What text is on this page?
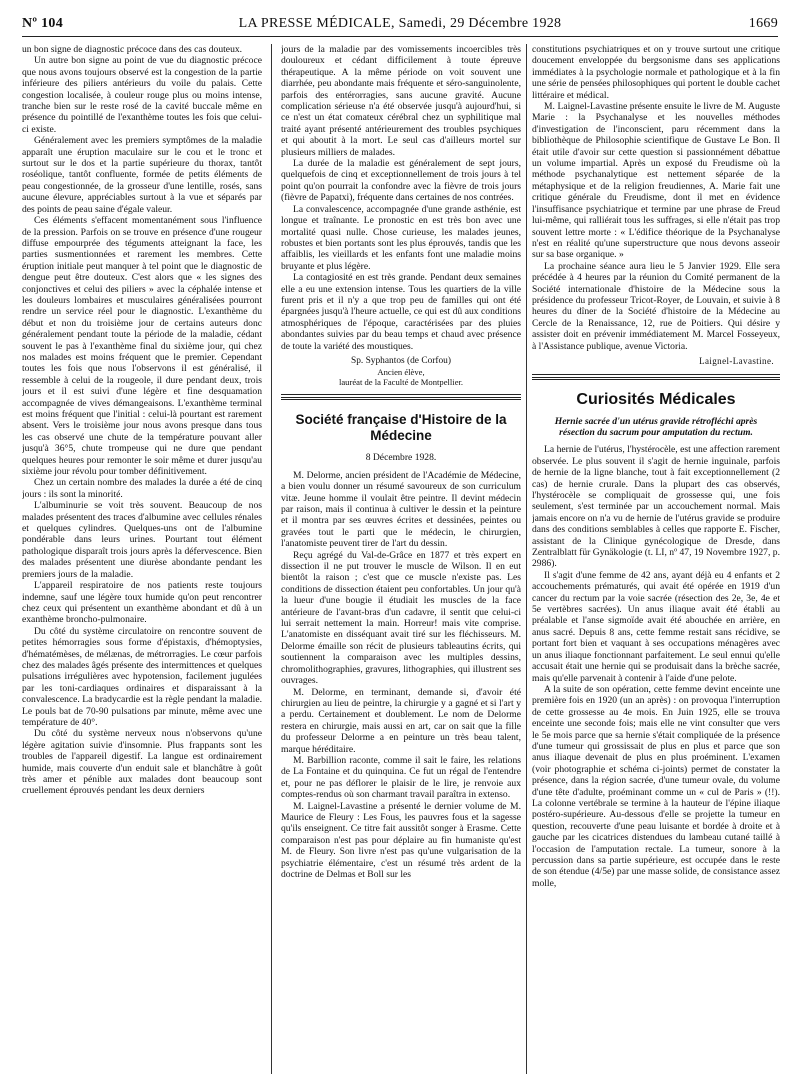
Nº 104	LA PRESSE MÉDICALE, Samedi, 29 Décembre 1928	1669

un bon signe de diagnostic précoce dans des cas douteux.

Un autre bon signe au point de vue du diagnostic précoce que nous avons toujours observé est la congestion de la partie inférieure des piliers antérieurs du voile du palais. Cette congestion localisée, à couleur rouge plus ou moins intense, tranche bien sur le reste rosé de la cavité buccale même en présence du pointillé de l'exanthème toutes les fois que celui-ci existe.

Généralement avec les premiers symptômes de la maladie apparaît une éruption maculaire sur le cou et le tronc et surtout sur le dos et la partie supérieure du thorax, tantôt roséolique, tantôt confluente, formée de petits éléments de peau congestionnée, de la grosseur d'une lentille, rosés, sans aucune élevure, appréciables surtout à la vue et séparés par des points de peau saine d'égale valeur.

Ces éléments s'effacent momentanément sous l'influence de la pression. Parfois on se trouve en présence d'une rougeur diffuse empourprée des téguments atteignant la face, les parties susmentionnées et rarement les membres. Cette éruption initiale peut manquer à tel point que le diagnostic de dengue peut être douteux. C'est alors que « les signes des conjonctives et celui des piliers » avec la céphalée intense et les douleurs lombaires et musculaires généralisées pourront rendre un service réel pour le diagnostic. L'exanthème du début et non du troisième jour de certains auteurs donc généralement pendant toute la période de la maladie, cédant souvent le pas à l'exanthème final du sixième jour, qui chez nos malades est moins fréquent que le premier. Cependant toutes les fois que nous l'observons il est généralisé, il ressemble à celui de la rougeole, il dure pendant deux, trois jours et il est suivi d'une légère et fine desquamation accompagnée de vives démangeaisons. L'exanthème terminal est moins fréquent que l'initial : celui-là pourtant est rarement absent. Vers le troisième jour nous avons presque dans tous les cas observé une chute de la température pouvant aller jusqu'à 36°5, chute trompeuse qui ne dure que pendant quelques heures pour remonter le soir même et durer jusqu'au sixième jour révolu pour tomber définitivement.

Chez un certain nombre des malades la durée a été de cinq jours : ils sont la minorité.

L'albuminurie se voit très souvent. Beaucoup de nos malades présentent des traces d'albumine avec cellules rénales et quelques cylindres. Quelques-uns ont de l'albumine pondérable dans leurs urines. Pourtant tout élément pathologique disparaît trois jours après la défervescence. Bien des malades présentent une diurèse abondante pendant les premiers jours de la maladie.

L'appareil respiratoire de nos patients reste toujours indemne, sauf une légère toux humide qu'on peut rencontrer chez ceux qui présentent un exanthème abondant et dû à un exanthème broncho-pulmonaire.

Du côté du système circulatoire on rencontre souvent de petites hémorragies sous forme d'épistaxis, d'hémoptysies, d'hématémèses, de mélænas, de métrorragies. Le cœur parfois chez des malades âgés présente des intermittences et quelques pulsations irrégulières avec hypotension, facilement jugulées par les toni-cardiaques ordinaires et disparaissant à la convalescence. La bradycardie est la règle pendant la maladie. Le pouls bat de 70-90 pulsations par minute, même avec une température de 40°.

Du côté du système nerveux nous n'observons qu'une légère agitation suivie d'insomnie. Plus frappants sont les troubles de l'appareil digestif. La langue est ordinairement humide, mais couverte d'un enduit sale et blanchâtre à goût très amer et pénible aux malades dont beaucoup sont cruellement éprouvés pendant les deux derniers

jours de la maladie par des vomissements incoercibles très douloureux et cédant difficilement à toute épreuve thérapeutique. A la même période on voit souvent une diarrhée, peu abondante mais fréquente et séro-sanguinolente, parfois des entérorragies, sans aucune gravité. Aucune complication sérieuse n'a été observée jusqu'à aujourd'hui, si ce n'est un état comateux cérébral chez un syphilitique mal traité ayant présenté antérieurement des troubles psychiques et qui aboutit à la mort. Le seul cas d'ailleurs mortel sur plusieurs milliers de malades.

La durée de la maladie est généralement de sept jours, quelquefois de cinq et exceptionnellement de trois jours à tel point qu'on pourrait la confondre avec la fièvre de trois jours (fièvre de Papatxi), fréquente dans certaines de nos contrées.

La convalescence, accompagnée d'une grande asthénie, est longue et traînante. Le pronostic en est très bon avec une mortalité quasi nulle. Chose curieuse, les malades jeunes, robustes et bien portants sont les plus éprouvés, tandis que les affaiblis, les vieillards et les enfants font une maladie moins bruyante et plus légère.

La contagiosité en est très grande. Pendant deux semaines elle a eu une extension intense. Tous les quartiers de la ville furent pris et il n'y a que trop peu de familles qui ont été épargnées jusqu'à l'heure actuelle, ce qui est dû aux conditions atmosphériques de l'époque, caractérisées par des pluies abondantes suivies par du beau temps et chaud avec présence de toute la variété des moustiques.

Sp. Syphantos (de Corfou)
Ancien élève,
lauréat de la Faculté de Montpellier.
Société française d'Histoire de la Médecine
8 Décembre 1928.

M. Delorme, ancien président de l'Académie de Médecine, a bien voulu donner un résumé savoureux de son curriculum vitæ. Jeune homme il voulait être peintre. Il devint médecin par raison, mais il continua à cultiver le dessin et la peinture et il montra par ses œuvres écrites et dessinées, peintes ou gravées tout le parti que le médecin, le chirurgien, l'anatomiste peuvent tirer de l'art du dessin.

Reçu agrégé du Val-de-Grâce en 1877 et très expert en dissection il ne put trouver le muscle de Wilson. Il en eut bientôt la raison ; c'est que ce muscle n'existe pas. Les conditions de dissection étaient peu confortables. Un jour qu'à la lueur d'une bougie il étudiait les muscles de la face antérieure de l'avant-bras d'un cadavre, il sentit que celui-ci lui serrait nettement la main. Horreur! mais vite comprise. L'anatomiste en disséquant avait tiré sur les fléchisseurs. M. Delorme émaille son récit de plusieurs tableautins écrits, qui soutiennent la comparaison avec les multiples dessins, chromolithographies, gravures, lithographies, qui illustrent ses ouvrages.

M. Delorme, en terminant, demande si, d'avoir été chirurgien au lieu de peintre, la chirurgie y a gagné et si l'art y a perdu. Certainement et doublement. Le nom de Delorme restera en chirurgie, mais aussi en art, car on sait que la fille du professeur Delorme a en peinture un très beau talent, marque héréditaire.

M. Barbillion raconte, comme il sait le faire, les relations de La Fontaine et du quinquina. Ce fut un régal de l'entendre et, pour ne pas déflorer le plaisir de le lire, je renvoie aux comptes-rendus où son charmant travail paraîtra in extenso.

M. Laignel-Lavastine a présenté le dernier volume de M. Maurice de Fleury : Les Fous, les pauvres fous et la sagesse qu'ils enseignent. Ce titre fait aussitôt songer à Erasme. Cette comparaison n'est pas pour déplaire au fin humaniste qu'est M. de Fleury. Son livre n'est pas qu'une vulgarisation de la psychiatrie élémentaire, c'est un résumé très ardent de la doctrine de Delmas et Boll sur les

constitutions psychiatriques et on y trouve surtout une critique doucement enveloppée du bergsonisme dans ses applications immédiates à la psychologie normale et pathologique et à la fin une série de pensées philosophiques qui portent le double cachet littéraire et médical.

M. Laignel-Lavastine présente ensuite le livre de M. Auguste Marie : la Psychanalyse et les nouvelles méthodes d'investigation de l'inconscient, paru récemment dans la bibliothèque de Philosophie scientifique de Gustave Le Bon. Il était utile d'avoir sur cette question si passionnément débattue un volume impartial. Après un exposé du Freudisme où la méthode psychanalytique est nettement séparée de la métaphysique et de la religion freudiennes, A. Marie fait une critique générale du Freudisme, dont il met en évidence l'insuffisance psychiatrique et termine par une phrase de Freud lui-même, qui ralliérait tous les suffrages, si elle n'était pas trop souvent lettre morte : « L'édifice théorique de la Psychanalyse n'est en réalité qu'une superstructure que nous devons asseoir sur sa base organique. »

La prochaine séance aura lieu le 5 Janvier 1929. Elle sera précédée à 4 heures par la réunion du Comité permanent de la Société internationale d'histoire de la Médecine sous la présidence du professeur Tricot-Royer, de Louvain, et suivie à 8 heures du dîner de la Société d'histoire de la Médecine au Cercle de la Renaissance, 12, rue de Poitiers. Qui désire y assister doit en prévenir immédiatement M. Marcel Fosseyeux, à l'Assistance publique, avenue Victoria.

Laignel-Lavastine.
Curiosités Médicales
Hernie sacrée d'un utérus gravide rétrofléchi après résection du sacrum pour amputation du rectum.

La hernie de l'utérus, l'hystérocèle, est une affection rarement observée. Le plus souvent il s'agit de hernie inguinale, parfois de hernie de la ligne blanche, tout à fait exceptionnellement (2 cas) de hernie crurale. Dans la plupart des cas observés, l'hystérocèle se compliquait de grossesse qui, une fois seulement, s'est terminée par un accouchement normal. Mais jamais encore on n'a vu de hernie de l'utérus gravide se produire dans des conditions semblables à celles que rapporte E. Fischer, assistant de la Clinique gynécologique de Dresde, dans Zentralblatt für Gynäkologie (t. LI, nº 47, 19 Novembre 1927, p. 2986).

Il s'agit d'une femme de 42 ans, ayant déjà eu 4 enfants et 2 accouchements prématurés, qui avait été opérée en 1919 d'un cancer du rectum par la voie sacrée (résection des 2e, 3e, 4e et 5e vertèbres sacrées). Un anus iliaque avait été établi au préalable et l'anse sigmoïde avait été abouchée en arrière, en anus sacré. Depuis 8 ans, cette femme restait sans récidive, se portant fort bien et vaquant à ses occupations ménagères avec un anus iliaque fonctionnant parfaitement. Le seul ennui qu'elle accusait était une hernie qui se produisait dans la brèche sacrée, mais qu'elle parvenait à contenir à l'aide d'une pelote.

A la suite de son opération, cette femme devint enceinte une première fois en 1920 (un an après) : on provoqua l'interruption de cette grossesse au 4e mois. En Juin 1925, elle se trouva enceinte une seconde fois; mais elle ne vint consulter que vers le 5e mois parce que sa hernie s'était compliquée de la présence d'une tumeur qui grossissait de plus en plus et parce que son anus iliaque devenait de plus en plus proéminent. L'examen (voir photographie et schéma ci-joints) permet de constater la présence, dans la région sacrée, d'une tumeur ovale, du volume d'une tête d'adulte, proéminant comme un « cul de Paris » (!!). La colonne vertébrale se termine à la hauteur de l'épine iliaque postéro-supérieure. Au-dessous d'elle se projette la tumeur en question, recouverte d'une peau luisante et bordée à droite et à gauche par les cicatrices distendues du lambeau cutané taillé à l'occasion de l'amputation rectale. La tumeur, sonore à la percussion dans sa partie supérieure, est occupée dans le reste de son étendue (4/5e) par une masse solide, de consistance assez molle,
